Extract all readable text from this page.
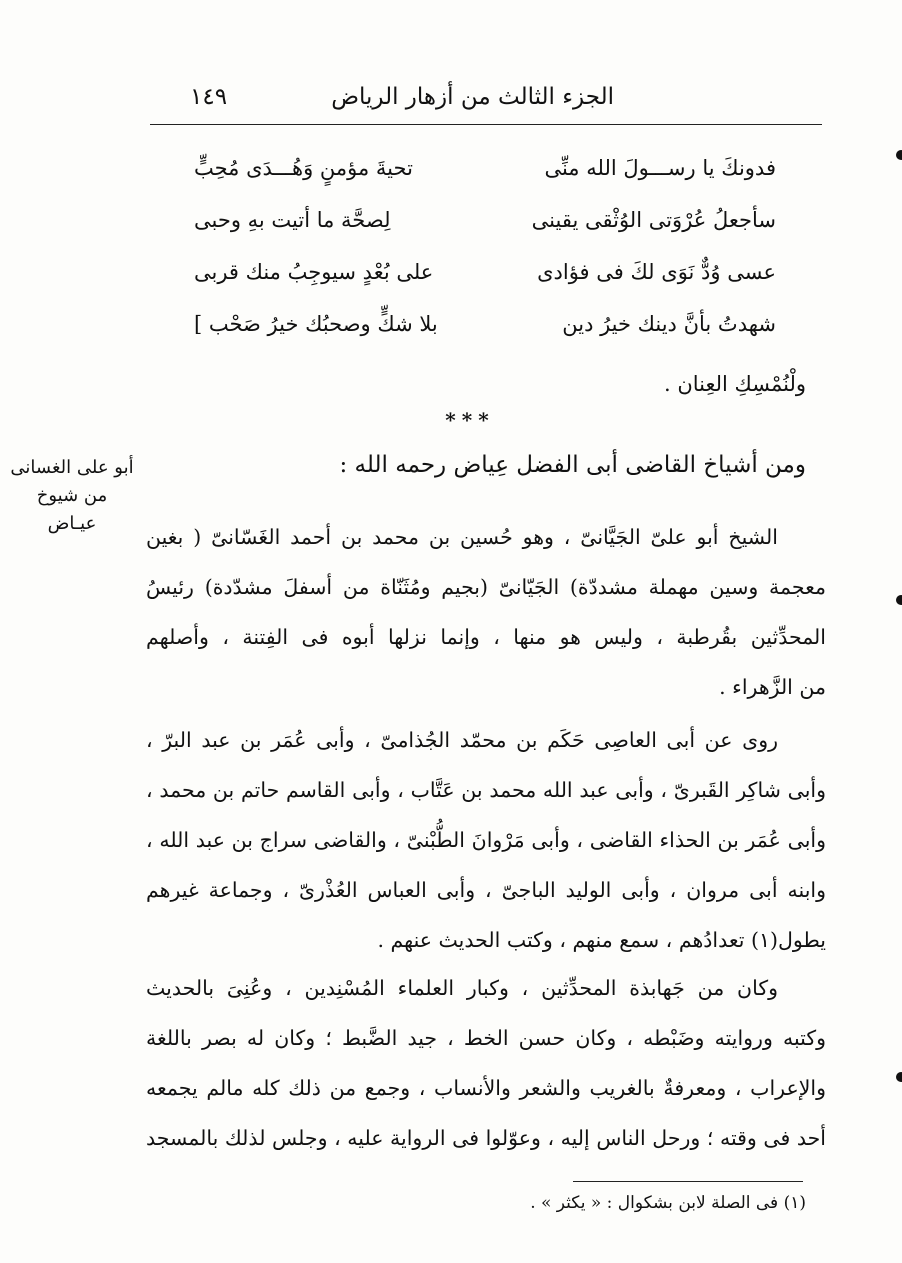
الجزء الثالث من أزهار الرياض
١٤٩
فدونكَ يا رســـولَ الله منِّى
تحيةَ مؤمنٍ وَهُـــدَى مُحِبٍّ
سأجعلُ عُرْوَتى الوُثْقى يقينى
لِصحَّة ما أتيت بهِ وحبى
عسى وُدٌّ نَوَى لكَ فى فؤادى
على بُعْدٍ سيوجِبُ منك قربى
شهدتُ بأنَّ دينك خيرُ دين
بلا شكٍّ وصحبُك خيرُ صَحْب ]
ولْنُمْسِكِ العِنان .
***
ومن أشياخ القاضى أبى الفضل عِياض رحمه الله :
أبو على الغسانى
من شيوخ
عيـاض
الشيخ أبو علىّ الجَيَّانىّ ، وهو حُسين بن محمد بن أحمد الغَسّانىّ ( بغين
معجمة وسين مهملة مشددّة) الجَيّانىّ (بجيم ومُثَنّاة من أسفلَ مشدّدة) رئيسُ
المحدِّثين بقُرطبة ، وليس هو منها ، وإنما نزلها أبوه فى الفِتنة ، وأصلهم
من الزَّهراء .
روى عن أبى العاصِى حَكَم بن محمّد الجُذامىّ ، وأبى عُمَر بن عبد البرّ ،
وأبى شاكِر القَبرىّ ، وأبى عبد الله محمد بن عَتَّاب ، وأبى القاسم حاتم بن محمد ،
وأبى عُمَر بن الحذاء القاضى ، وأبى مَرْوانَ الطُّبْنىّ ، والقاضى سراج بن عبد الله ،
وابنه أبى مروان ، وأبى الوليد الباجىّ ، وأبى العباس العُذْرىّ ، وجماعة غيرهم
يطول(١) تعدادُهم ، سمع منهم ، وكتب الحديث عنهم .
وكان من جَهابذة المحدِّثين ، وكبار العلماء المُسْنِدين ، وعُنِىَ بالحديث
وكتبه وروايته وضَبْطه ، وكان حسن الخط ، جيد الضَّبط ؛ وكان له بصر باللغة
والإعراب ، ومعرفةٌ بالغريب والشعر والأنساب ، وجمع من ذلك كله مالم يجمعه
أحد فى وقته ؛ ورحل الناس إليه ، وعوّلوا فى الرواية عليه ، وجلس لذلك بالمسجد
(١) فى الصلة لابن بشكوال : « يكثر » .
